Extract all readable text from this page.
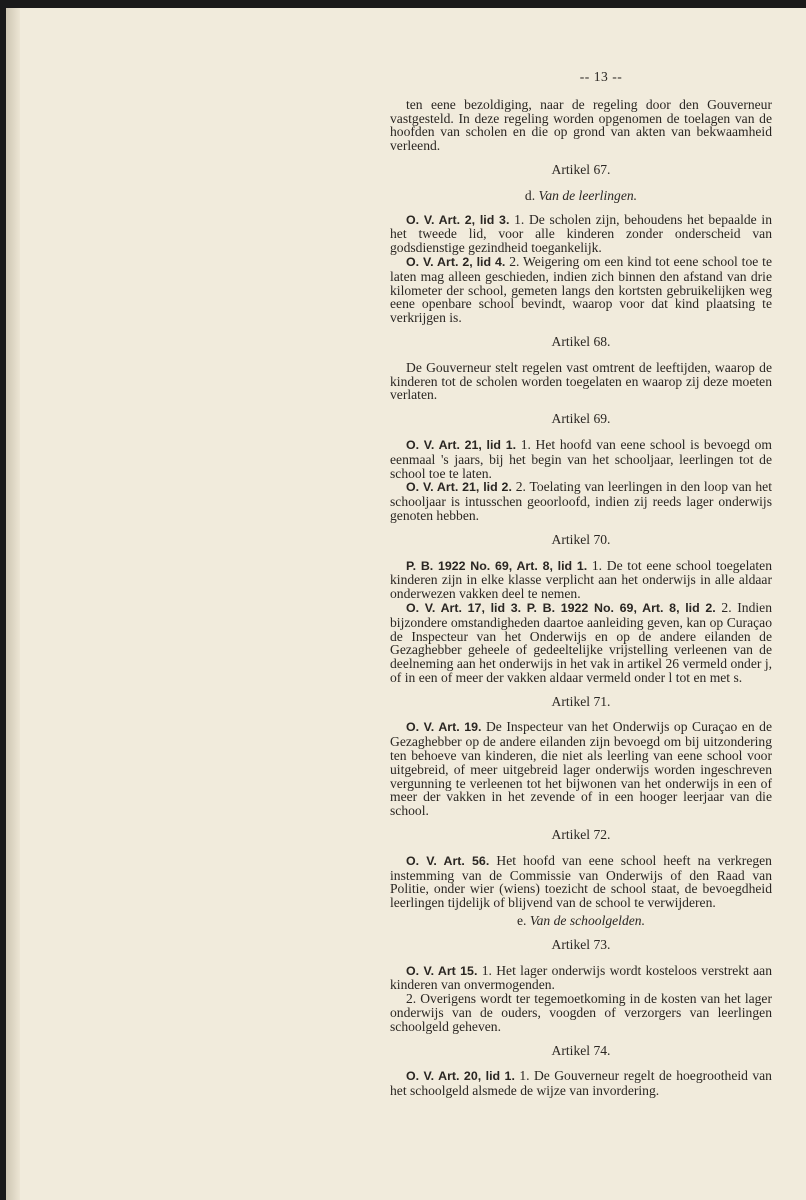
-- 13 --
ten eene bezoldiging, naar de regeling door den Gouverneur vastgesteld. In deze regeling worden opgenomen de toelagen van de hoofden van scholen en die op grond van akten van bekwaamheid verleend.
Artikel 67.
d. Van de leerlingen.
O. V. Art. 2, lid 3. 1. De scholen zijn, behoudens het bepaalde in het tweede lid, voor alle kinderen zonder onderscheid van godsdienstige gezindheid toegankelijk.
O. V. Art. 2, lid 4. 2. Weigering om een kind tot eene school toe te laten mag alleen geschieden, indien zich binnen den afstand van drie kilometer der school, gemeten langs den kortsten gebruikelijken weg eene openbare school bevindt, waarop voor dat kind plaatsing te verkrijgen is.
Artikel 68.
De Gouverneur stelt regelen vast omtrent de leeftijden, waarop de kinderen tot de scholen worden toegelaten en waarop zij deze moeten verlaten.
Artikel 69.
O. V. Art. 21, lid 1. 1. Het hoofd van eene school is bevoegd om eenmaal 's jaars, bij het begin van het schooljaar, leerlingen tot de school toe te laten.
O. V. Art. 21, lid 2. 2. Toelating van leerlingen in den loop van het schooljaar is intusschen geoorloofd, indien zij reeds lager onderwijs genoten hebben.
Artikel 70.
P. B. 1922 No. 69, Art. 8, lid 1. 1. De tot eene school toegelaten kinderen zijn in elke klasse verplicht aan het onderwijs in alle aldaar onderwezen vakken deel te nemen.
O. V. Art. 17, lid 3. P. B. 1922 No. 69, Art. 8, lid 2. 2. Indien bijzondere omstandigheden daartoe aanleiding geven, kan op Curaçao de Inspecteur van het Onderwijs en op de andere eilanden de Gezaghebber geheele of gedeeltelijke vrijstelling verleenen van de deelneming aan het onderwijs in het vak in artikel 26 vermeld onder j, of in een of meer der vakken aldaar vermeld onder l tot en met s.
Artikel 71.
O. V. Art. 19. De Inspecteur van het Onderwijs op Curaçao en de Gezaghebber op de andere eilanden zijn bevoegd om bij uitzondering ten behoeve van kinderen, die niet als leerling van eene school voor uitgebreid, of meer uitgebreid lager onderwijs worden ingeschreven vergunning te verleenen tot het bijwonen van het onderwijs in een of meer der vakken in het zevende of in een hooger leerjaar van die school.
Artikel 72.
O. V. Art. 56. Het hoofd van eene school heeft na verkregen instemming van de Commissie van Onderwijs of den Raad van Politie, onder wier (wiens) toezicht de school staat, de bevoegdheid leerlingen tijdelijk of blijvend van de school te verwijderen.
e. Van de schoolgelden.
Artikel 73.
O. V. Art 15. 1. Het lager onderwijs wordt kosteloos verstrekt aan kinderen van onvermogenden.
2. Overigens wordt ter tegemoetkoming in de kosten van het lager onderwijs van de ouders, voogden of verzorgers van leerlingen schoolgeld geheven.
Artikel 74.
O. V. Art. 20, lid 1. 1. De Gouverneur regelt de hoegrootheid van het schoolgeld alsmede de wijze van invordering.
